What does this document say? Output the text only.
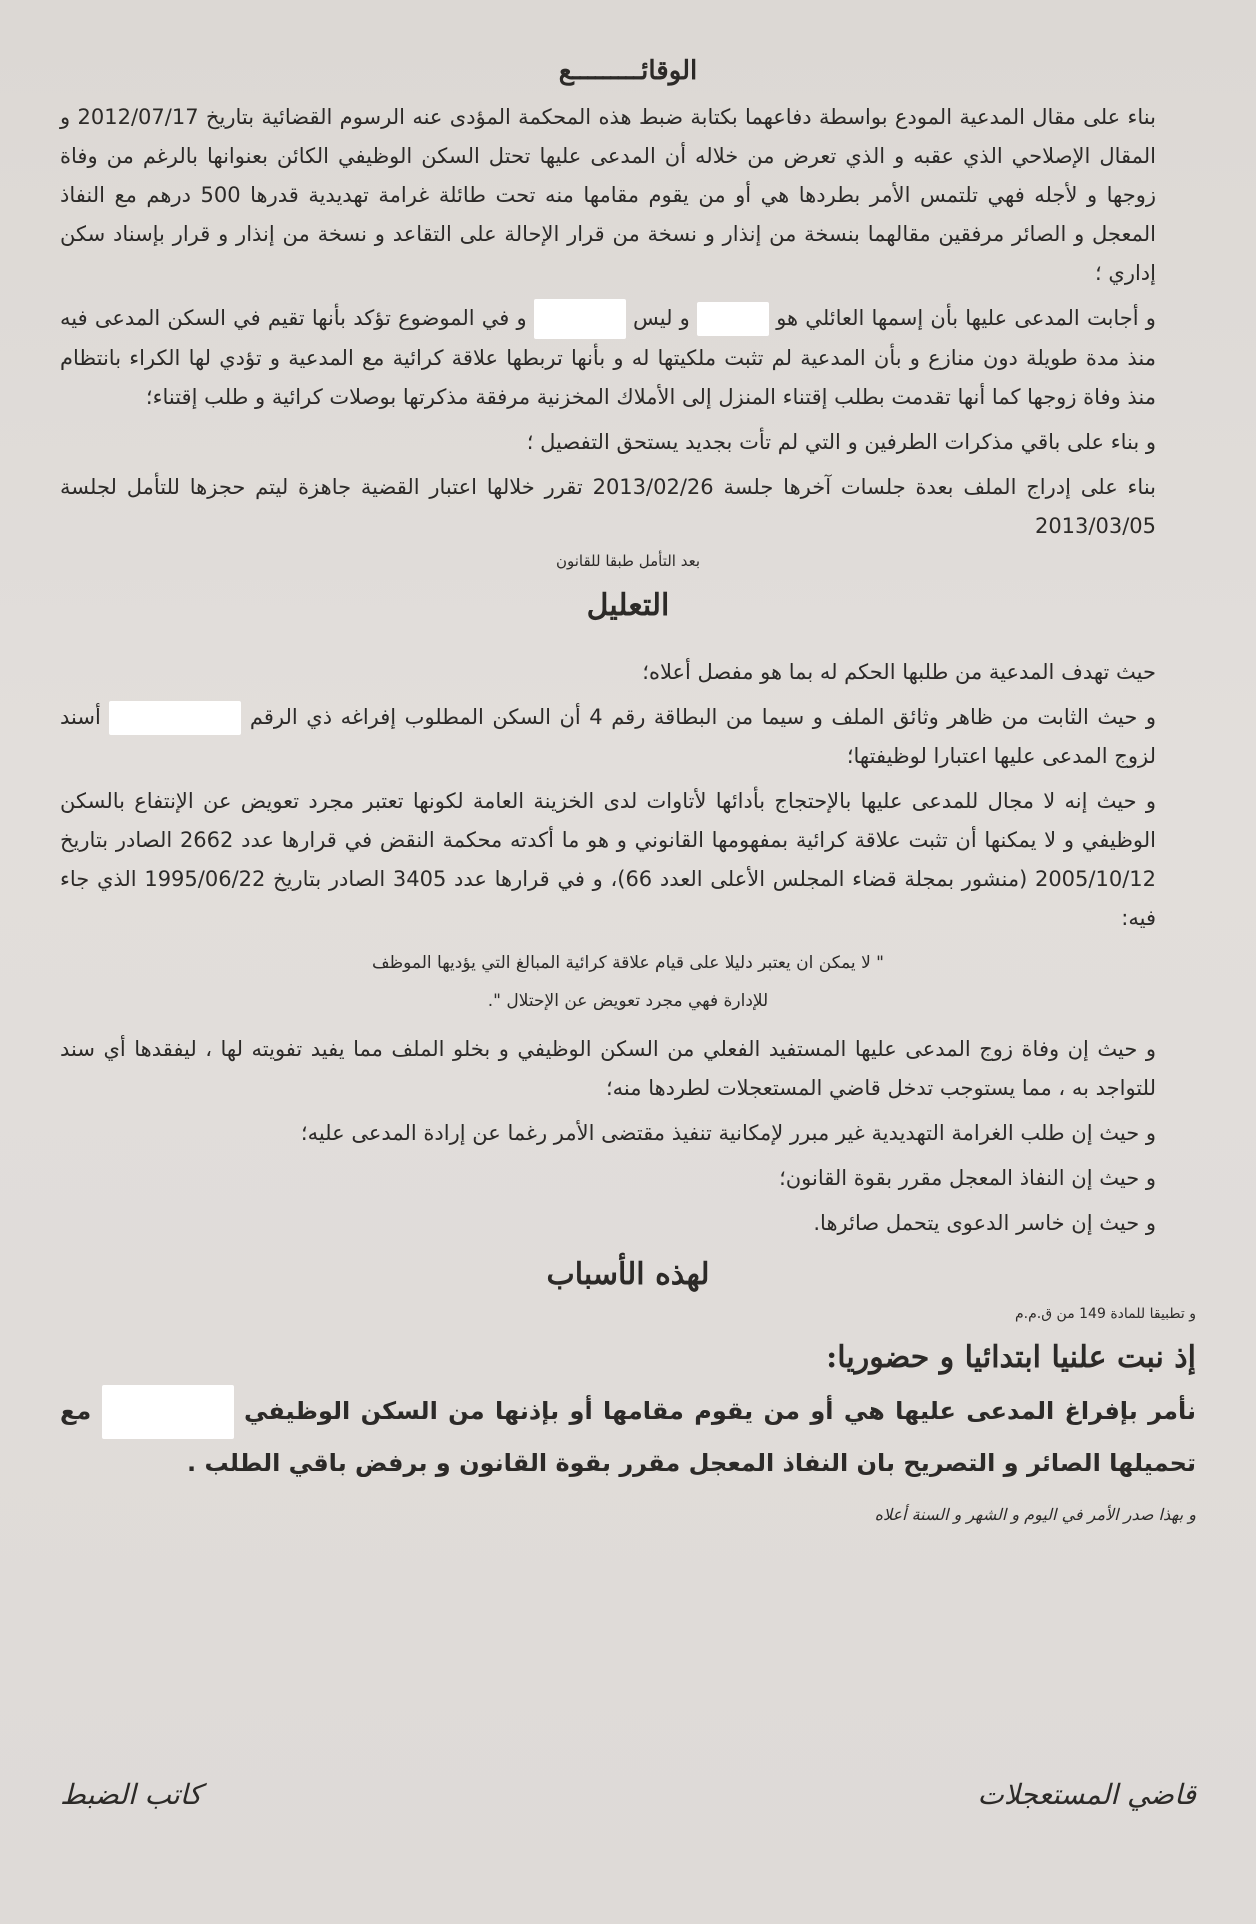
الوقائـــــــــع

بناء على مقال المدعية المودع بواسطة دفاعهما بكتابة ضبط هذه المحكمة المؤدى عنه الرسوم القضائية بتاريخ 2012/07/17 و المقال الإصلاحي الذي عقبه و الذي تعرض من خلاله أن المدعى عليها تحتل السكن الوظيفي الكائن بعنوانها بالرغم من وفاة زوجها و لأجله فهي تلتمس الأمر بطردها هي أو من يقوم مقامها منه تحت طائلة غرامة تهديدية قدرها 500 درهم مع النفاذ المعجل و الصائر مرفقين مقالهما بنسخة من إنذار و نسخة من قرار الإحالة على التقاعد و نسخة من إنذار و قرار بإسناد سكن إداري ؛

و أجابت المدعى عليها بأن إسمها العائلي هو  و ليس  و في الموضوع تؤكد بأنها تقيم في السكن المدعى فيه منذ مدة طويلة دون منازع و بأن المدعية لم تثبت ملكيتها له و بأنها تربطها علاقة كرائية مع المدعية و تؤدي لها الكراء بانتظام منذ وفاة زوجها كما أنها تقدمت بطلب إقتناء المنزل إلى الأملاك المخزنية مرفقة مذكرتها بوصلات كرائية و طلب إقتناء؛

و بناء على باقي مذكرات الطرفين و التي لم تأت بجديد يستحق التفصيل ؛

بناء على إدراج الملف بعدة جلسات آخرها جلسة 2013/02/26 تقرر خلالها اعتبار القضية جاهزة ليتم حجزها للتأمل لجلسة 2013/03/05

بعد التأمل طبقا للقانون
التعليل

حيث تهدف المدعية من طلبها الحكم له بما هو مفصل أعلاه؛

و حيث الثابت من ظاهر وثائق الملف و سيما من البطاقة رقم 4 أن السكن المطلوب إفراغه ذي الرقم  أسند لزوج المدعى عليها اعتبارا لوظيفتها؛

و حيث إنه لا مجال للمدعى عليها بالإحتجاج بأدائها لأتاوات لدى الخزينة العامة لكونها تعتبر مجرد تعويض عن الإنتفاع بالسكن الوظيفي و لا يمكنها أن تثبت علاقة كرائية بمفهومها القانوني و هو ما أكدته محكمة النقض في قرارها عدد 2662 الصادر بتاريخ 2005/10/12 (منشور بمجلة قضاء المجلس الأعلى العدد 66)، و في قرارها عدد 3405 الصادر بتاريخ 1995/06/22 الذي جاء فيه:

" لا يمكن ان يعتبر دليلا على قيام علاقة كرائية المبالغ التي يؤديها الموظف
للإدارة فهي مجرد تعويض عن الإحتلال ".

و حيث إن وفاة زوج المدعى عليها المستفيد الفعلي من السكن الوظيفي و بخلو الملف مما يفيد تفويته لها ، ليفقدها أي سند للتواجد به ، مما يستوجب تدخل قاضي المستعجلات لطردها منه؛

و حيث إن طلب الغرامة التهديدية غير مبرر لإمكانية تنفيذ مقتضى الأمر رغما عن إرادة المدعى عليه؛

و حيث إن النفاذ المعجل مقرر بقوة القانون؛

و حيث إن خاسر الدعوى يتحمل صائرها.

لهذه الأسباب
و تطبيقا للمادة 149 من ق.م.م
إذ نبت علنيا ابتدائيا و حضوريا:

نأمر بإفراغ المدعى عليها هي أو من يقوم مقامها أو بإذنها من السكن الوظيفي  مع تحميلها الصائر و التصريح بان النفاذ المعجل مقرر بقوة القانون و برفض باقي الطلب .

و بهذا صدر الأمر في اليوم و الشهر و السنة أعلاه
قاضي المستعجلات
كاتب الضبط
